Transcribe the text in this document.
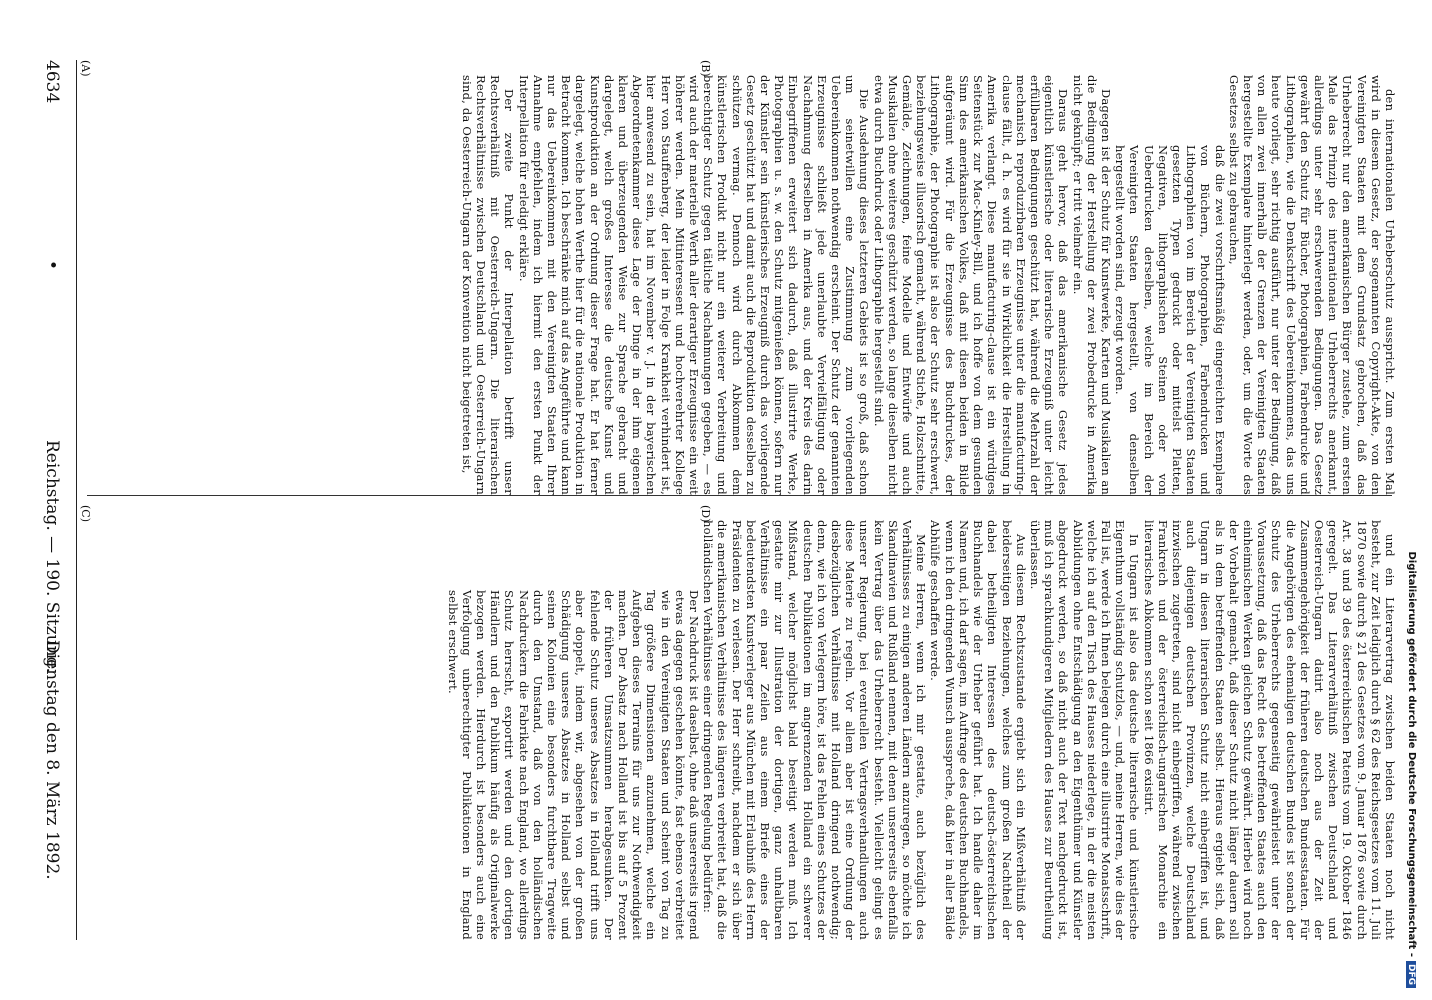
4634
•
Reichstag. — 190. Sitzung.
Dienstag den 8. März 1892.
(A)	(B)
(C)	(D)

den internationalen Urheberschutz ausspricht. Zum ersten Mal wird in diesem Gesetz, der sogenannten Copyright-Akte, von den Vereinigten Staaten mit dem Grundsatz gebrochen, daß das Urheberrecht nur den amerikanischen Bürger zustehe, zum ersten Male das Prinzip des internationalen Urheberrechts anerkannt, allerdings unter sehr erschwerenden Bedingungen. Das Gesetz gewährt den Schutz für Bücher, Photographien, Farbendrucke und Lithographien, wie die Denkschrift des Uebereinkommens, das uns heute vorliegt, sehr richtig ausführt, nur unter der Bedingung, daß von allen zwei innerhalb der Grenzen der Vereinigten Staaten hergestellte Exemplare hinterlegt werden, oder, um die Worte des Gesetzes selbst zu gebrauchen,

daß die zwei vorschriftsmäßig eingereichten Exemplare von Büchern, Photographien, Farbendrucken und Lithographien von im Bereich der Vereinigten Staaten gesetzten Typen gedruckt oder mittelst Platten, Negativen, lithographischen Steinen oder von Ueberdrucken derselben, welche im Bereich der Vereinigten Staaten hergestellt, von denselben hergestellt worden sind, erzeugt worden.

Dagegen ist der Schutz für Kunstwerke, Karten und Musikalien an die Bedingung der Herstellung der zwei Probedrucke in Amerika nicht geknüpft; er tritt vielmehr ein.

Daraus geht hervor, daß das amerikanische Gesetz jedes eigentlich künstlerische oder literarische Erzeugniß unter leicht erfüllbaren Bedingungen geschützt hat, während die Mehrzahl der mechanisch reproduzirbaren Erzeugnisse unter die manufacturing-clause fällt, d. h. es wird für sie in Wirklichkeit die Herstellung in Amerika verlangt. Diese manufacturing-clause ist ein würdiges Seitenstück zur Mac-Kinley-Bill, und ich hoffe von dem gesunden Sinn des amerikanischen Volkes, daß mit diesen beiden in Bilde aufgeräumt wird. Für die Erzeugnisse des Buchdruckes, der Lithographie, der Photographie ist also der Schutz sehr erschwert, beziehungsweise illusorisch gemacht, während Stiche, Holzschnitte, Gemälde, Zeichnungen, feine Modelle und Entwürfe und auch Musikalien ohne weiteres geschützt werden, so lange dieselben nicht etwa durch Buchdruck oder Lithographie hergestellt sind.

Die Ausdehnung dieses letzteren Gebiets ist so groß, daß schon um seinetwillen eine Zustimmung zum vorliegenden Uebereinkommen nothwendig erscheint. Der Schutz der genannten Erzeugnisse schließt jede unerlaubte Vervielfältigung oder Nachahmung derselben in Amerika aus, und der Kreis des darin Einbegriffenen erweitert sich dadurch, daß illustrirte Werke, Photographien u. s. w. den Schutz mitgenießen können, sofern nur der Künstler sein künstlerisches Erzeugniß durch das vorliegende Gesetz geschützt hat und damit auch die Reproduktion desselben zu schützen vermag. Dennoch wird durch Abkommen dem künstlerischen Produkt nicht nur ein weiterer Verbreitung und berechtigter Schutz gegen tätliche Nachahmungen gegeben, — es wird auch der materielle Werth aller derartiger Erzeugnisse ein weit höherer werden. Mein Mitinteressent und hochverehrter Kollege Herr von Stauffenberg, der leider in Folge Krankheit verhindert ist, hier anwesend zu sein, hat im November v. J. in der bayerischen Abgeordnetenkammer diese Lage der Dinge in der ihm eigenen klaren und überzeugenden Weise zur Sprache gebracht und dargelegt, welch großes Interesse die deutsche Kunst und Kunstproduktion an der Ordnung dieser Frage hat. Er hat ferner dargelegt, welche hohen Werthe hier für die nationale Produktion in Betracht kommen. Ich beschränke mich auf das Angeführte und kann nur das Uebereinkommen mit den Vereinigten Staaten Ihrer Annahme empfehlen, indem ich hiermit den ersten Punkt der Interpellation für erledigt erkläre.

Der zweite Punkt der Interpellation betrifft unser Rechtsverhältniß mit Oesterreich-Ungarn. Die literarischen Rechtsverhältnisse zwischen Deutschland und Oesterreich-Ungarn sind, da Oesterreich-Ungarn der Konvention nicht beigetreten ist,

und ein Literarvertrag zwischen beiden Staaten noch nicht besteht, zur Zeit lediglich durch § 62 des Reichsgesetzes vom 11. Juli 1870 sowie durch § 21 des Gesetzes vom 9. Januar 1876 sowie durch Art. 38 und 39 des österreichischen Patents vom 19. Oktober 1846 geregelt. Das Literarverhältniß zwischen Deutschland und Oesterreich-Ungarn datirt also noch aus der Zeit der Zusammengehörigkeit der früheren deutschen Bundesstaaten. Für die Angehörigen des ehemaligen deutschen Bundes ist sonach der Schutz des Urheberrechts gegenseitig gewährleistet unter der Voraussetzung, daß das Recht des betreffenden Staates auch den einheimischen Werken gleichen Schutz gewährt. Hierbei wird noch der Vorbehalt gemacht, daß dieser Schutz nicht länger dauern soll als in dem betreffenden Staaten selbst. Hieraus ergiebt sich, daß Ungarn in diesen literarischen Schutz nicht einbegriffen ist, und auch diejenigen deutschen Provinzen, welche Deutschland inzwischen zugetreten, sind nicht einbegriffen, während zwischen Frankreich und der österreichisch-ungarischen Monarchie ein literarisches Abkommen schon seit 1866 existirt.

In Ungarn ist also das deutsche literarische und künstlerische Eigenthum vollständig schutzlos, — und, meine Herren, wie dies der Fall ist, werde ich Ihnen belegen durch eine illustrirte Monatsschrift, welche ich auf den Tisch des Hauses niederlege, in der die meisten Abbildungen ohne Entschädigung an den Eigenthümer und Künstler abgedruckt werden, so daß nicht auch der Text nachgedruckt ist, muß ich sprachkundigeren Mitgliedern des Hauses zur Beurtheilung überlassen.

Aus diesem Rechtszustande ergiebt sich ein Mißverhältniß der beiderseitigen Beziehungen, welches zum großen Nachtheil der dabei betheiligten Interessen des deutsch-österreichischen Buchhandels wie der Urheber geführt hat. Ich handle daher im Namen und, ich darf sagen, im Auftrage des deutschen Buchhandels, wenn ich den dringenden Wunsch ausspreche, daß hier in aller Bälde Abhülfe geschaffen werde.

Meine Herren, wenn ich mir gestatte, auch bezüglich des Verhältnisses zu einigen anderen Ländern anzuregen, so möchte ich Skandinavien und Rußland nennen, mit denen unsererseits ebenfalls kein Vertrag über das Urheberrecht besteht. Vielleicht gelingt es unserer Regierung, bei eventuellen Vertragsverhandlungen auch diese Materie zu regeln. Vor allem aber ist eine Ordnung der diesbezüglichen Verhältnisse mit Holland dringend nothwendig; denn, wie ich von Verlegern höre, ist das Fehlen eines Schutzes der deutschen Publikationen im angrenzenden Holland ein schwerer Mißstand, welcher möglichst bald beseitigt werden muß. Ich gestatte mir zur Illustration der dortigen, ganz unhaltbaren Verhältnisse ein paar Zeilen aus einem Briefe eines der bedeutendsten Kunstverleger aus München mit Erlaubniß des Herrn Präsidenten zu verlesen. Der Herr schreibt, nachdem er sich über die amerikanischen Verhältnisse des längeren verbreitet hat, daß die holländischen Verhältnisse einer dringenden Regelung bedürfen:

Der Nachdruck ist daselbst, ohne daß unsererseits irgend etwas dagegen geschehen könnte, fast ebenso verbreitet wie in den Vereinigten Staaten und scheint von Tag zu Tag größere Dimensionen anzunehmen, welche ein Aufgeben dieses Terrains für uns zur Nothwendigkeit machen. Der Absatz nach Holland ist bis auf 5 Prozent der früheren Umsatzsummen herabgesunken. Der fehlende Schutz unseres Absatzes in Holland trifft uns aber doppelt, indem wir, abgesehen von der großen Schädigung unseres Absatzes in Holland selbst und seinen Kolonien eine besonders furchtbare Tragweite durch den Umstand, daß von den holländischen Nachdruckern die Fabrikate nach England, wo allerdings Schutz herrscht, exportirt werden und den dortigen Händlern und den Publikum häufig als Originalwerke bezogen werden. Hierdurch ist besonders auch eine Verfolgung unberechtigter Publikationen in England selbst erschwert.	Digitalisierung gefördert durch die Deutsche Forschungsgemeinschaft -DFG
